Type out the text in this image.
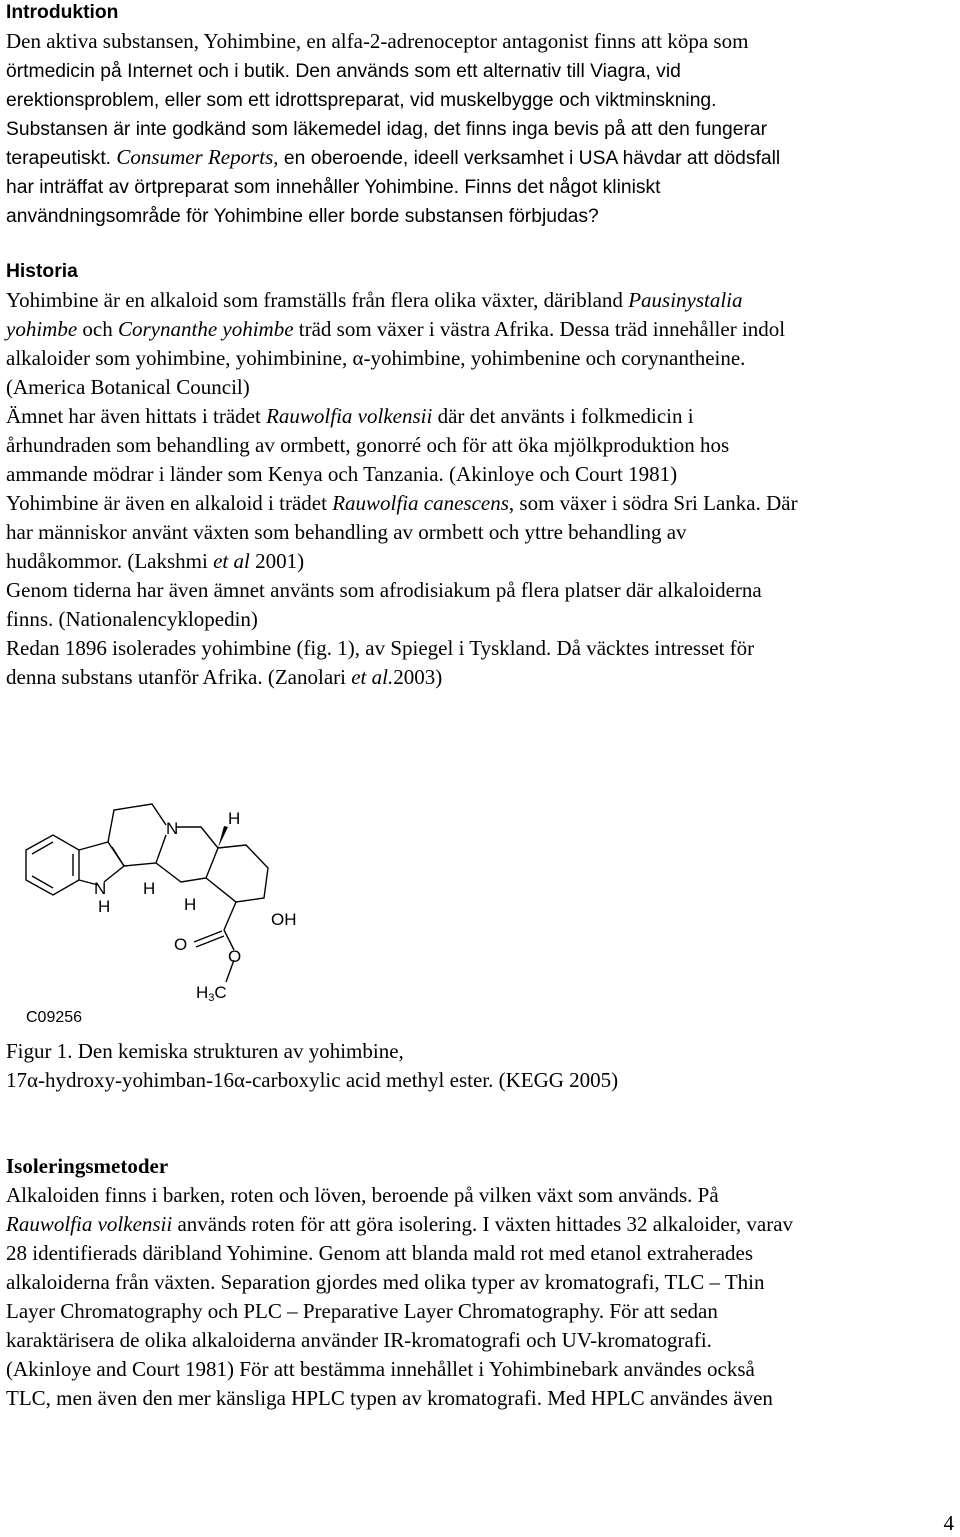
Introduktion
Den aktiva substansen, Yohimbine, en alfa-2-adrenoceptor antagonist finns att köpa som
örtmedicin på Internet och i butik. Den används som ett alternativ till Viagra, vid
erektionsproblem, eller som ett idrottspreparat, vid muskelbygge och viktminskning.
Substansen är inte godkänd som läkemedel idag, det finns inga bevis på att den fungerar
terapeutiskt. Consumer Reports, en oberoende, ideell verksamhet i USA hävdar att dödsfall
har inträffat av örtpreparat som innehåller Yohimbine. Finns det något kliniskt
användningsområde för Yohimbine eller borde substansen förbjudas?
Historia
Yohimbine är en alkaloid som framställs från flera olika växter, däribland Pausinystalia
yohimbe och Corynanthe yohimbe träd som växer i västra Afrika. Dessa träd innehåller indol
alkaloider som yohimbine, yohimbinine, α-yohimbine, yohimbenine och corynantheine.
(America Botanical Council)
Ämnet har även hittats i trädet Rauwolfia volkensii där det använts i folkmedicin i
århundraden som behandling av ormbett, gonorré och för att öka mjölkproduktion hos
ammande mödrar i länder som Kenya och Tanzania. (Akinloye och Court 1981)
Yohimbine är även en alkaloid i trädet Rauwolfia canescens, som växer i södra Sri Lanka. Där
har människor använt växten som behandling av ormbett och yttre behandling av
hudåkommor. (Lakshmi et al 2001)
Genom tiderna har även ämnet använts som afrodisiakum på flera platser där alkaloiderna
finns. (Nationalencyklopedin)
Redan 1896 isolerades yohimbine (fig. 1), av Spiegel i Tyskland. Då väcktes intresset för
denna substans utanför Afrika. (Zanolari et al.2003)
N
N
H
H
H
H
OH
O
O
H3C
C09256
Figur 1. Den kemiska strukturen av yohimbine,
17α-hydroxy-yohimban-16α-carboxylic acid methyl ester. (KEGG 2005)
Isoleringsmetoder
Alkaloiden finns i barken, roten och löven, beroende på vilken växt som används. På
Rauwolfia volkensii används roten för att göra isolering. I växten hittades 32 alkaloider, varav
28 identifierads däribland Yohimine. Genom att blanda mald rot med etanol extraherades
alkaloiderna från växten. Separation gjordes med olika typer av kromatografi, TLC – Thin
Layer Chromatography och PLC – Preparative Layer Chromatography. För att sedan
karaktärisera de olika alkaloiderna använder IR-kromatografi och UV-kromatografi.
(Akinloye and Court 1981) För att bestämma innehållet i Yohimbinebark användes också
TLC, men även den mer känsliga HPLC typen av kromatografi. Med HPLC användes även
4
